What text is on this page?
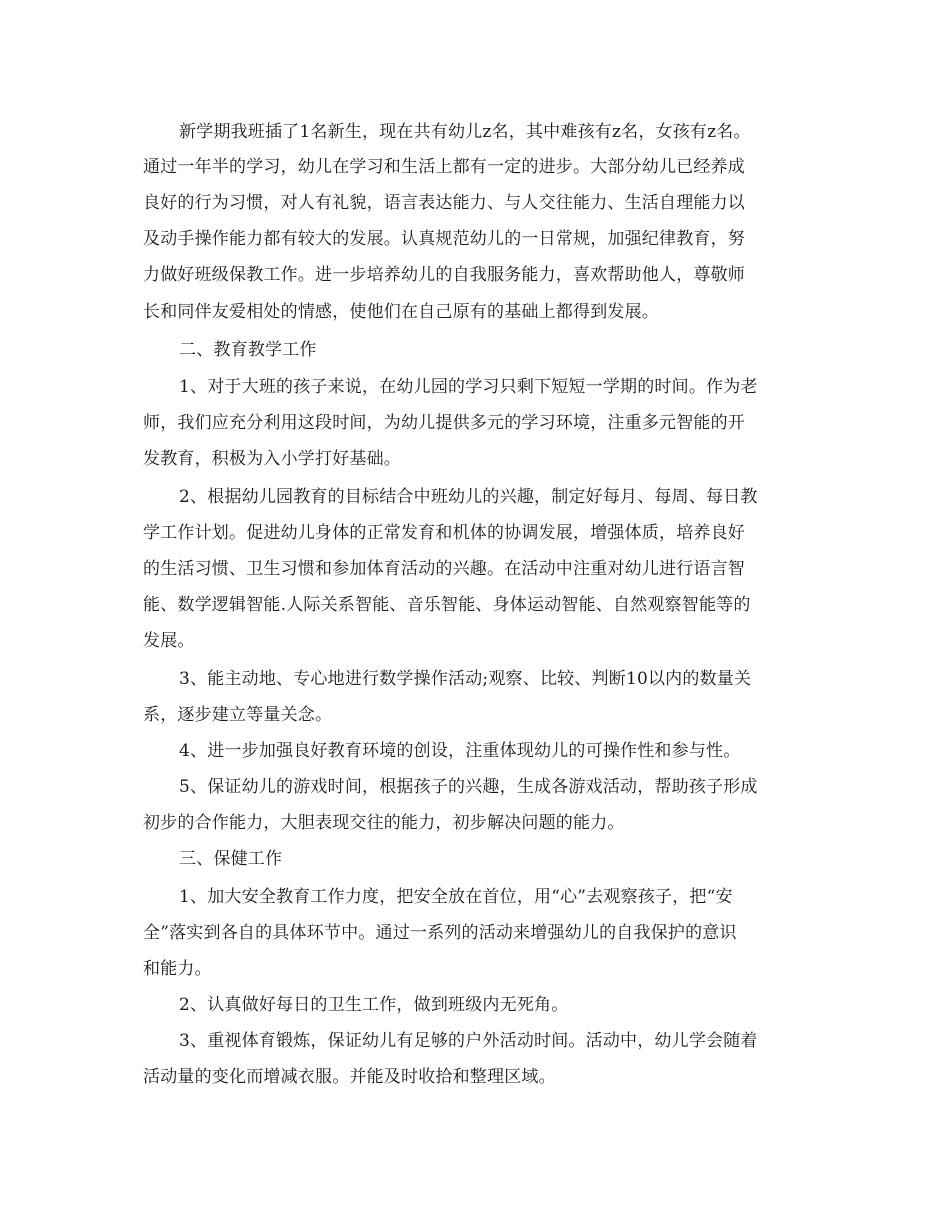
新学期我班插了1名新生，现在共有幼儿z名，其中难孩有z名，女孩有z名。
通过一年半的学习，幼儿在学习和生活上都有一定的进步。大部分幼儿已经养成
良好的行为习惯，对人有礼貌，语言表达能力、与人交往能力、生活自理能力以
及动手操作能力都有较大的发展。认真规范幼儿的一日常规，加强纪律教育，努
力做好班级保教工作。进一步培养幼儿的自我服务能力，喜欢帮助他人，尊敬师
长和同伴友爱相处的情感，使他们在自己原有的基础上都得到发展。
二、教育教学工作
1、对于大班的孩子来说，在幼儿园的学习只剩下短短一学期的时间。作为老
师，我们应充分利用这段时间，为幼儿提供多元的学习环境，注重多元智能的开
发教育，积极为入小学打好基础。
2、根据幼儿园教育的目标结合中班幼儿的兴趣，制定好每月、每周、每日教
学工作计划。促进幼儿身体的正常发育和机体的协调发展，增强体质，培养良好
的生活习惯、卫生习惯和参加体育活动的兴趣。在活动中注重对幼儿进行语言智
能、数学逻辑智能.人际关系智能、音乐智能、身体运动智能、自然观察智能等的
发展。
3、能主动地、专心地进行数学操作活动;观察、比较、判断10以内的数量关
系，逐步建立等量关念。
4、进一步加强良好教育环境的创设，注重体现幼儿的可操作性和参与性。
5、保证幼儿的游戏时间，根据孩子的兴趣，生成各游戏活动，帮助孩子形成
初步的合作能力，大胆表现交往的能力，初步解决问题的能力。
三、保健工作
1、加大安全教育工作力度，把安全放在首位，用“心”去观察孩子，把“安
全”落实到各自的具体环节中。通过一系列的活动来增强幼儿的自我保护的意识
和能力。
2、认真做好每日的卫生工作，做到班级内无死角。
3、重视体育锻炼，保证幼儿有足够的户外活动时间。活动中，幼儿学会随着
活动量的变化而增减衣服。并能及时收拾和整理区域。
